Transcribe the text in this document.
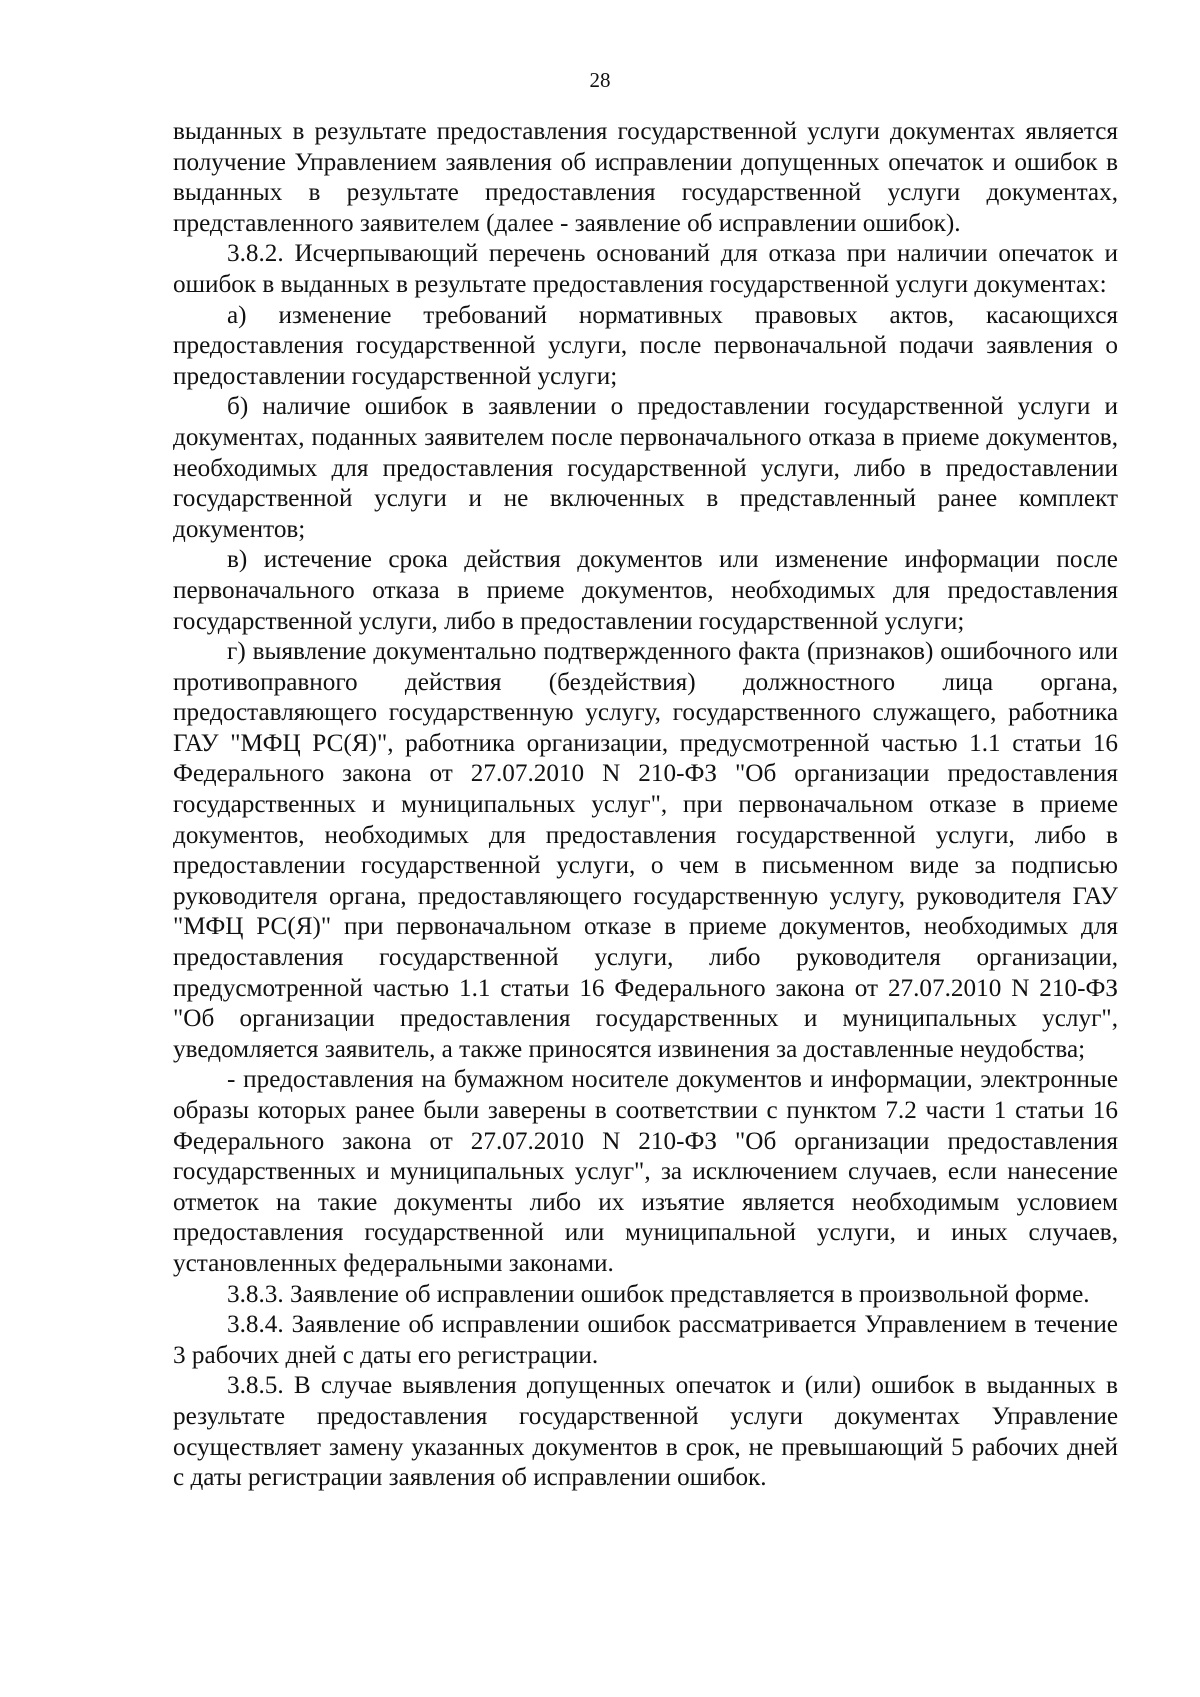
28

выданных в результате предоставления государственной услуги документах является получение Управлением заявления об исправлении допущенных опечаток и ошибок в выданных в результате предоставления государственной услуги документах, представленного заявителем (далее - заявление об исправлении ошибок).

3.8.2. Исчерпывающий перечень оснований для отказа при наличии опечаток и ошибок в выданных в результате предоставления государственной услуги документах:

а) изменение требований нормативных правовых актов, касающихся предоставления государственной услуги, после первоначальной подачи заявления о предоставлении государственной услуги;

б) наличие ошибок в заявлении о предоставлении государственной услуги и документах, поданных заявителем после первоначального отказа в приеме документов, необходимых для предоставления государственной услуги, либо в предоставлении государственной услуги и не включенных в представленный ранее комплект документов;

в) истечение срока действия документов или изменение информации после первоначального отказа в приеме документов, необходимых для предоставления государственной услуги, либо в предоставлении государственной услуги;

г) выявление документально подтвержденного факта (признаков) ошибочного или противоправного действия (бездействия) должностного лица органа, предоставляющего государственную услугу, государственного служащего, работника ГАУ "МФЦ РС(Я)", работника организации, предусмотренной частью 1.1 статьи 16 Федерального закона от 27.07.2010 N 210-ФЗ "Об организации предоставления государственных и муниципальных услуг", при первоначальном отказе в приеме документов, необходимых для предоставления государственной услуги, либо в предоставлении государственной услуги, о чем в письменном виде за подписью руководителя органа, предоставляющего государственную услугу, руководителя ГАУ "МФЦ РС(Я)" при первоначальном отказе в приеме документов, необходимых для предоставления государственной услуги, либо руководителя организации, предусмотренной частью 1.1 статьи 16 Федерального закона от 27.07.2010 N 210-ФЗ "Об организации предоставления государственных и муниципальных услуг", уведомляется заявитель, а также приносятся извинения за доставленные неудобства;

- предоставления на бумажном носителе документов и информации, электронные образы которых ранее были заверены в соответствии с пунктом 7.2 части 1 статьи 16 Федерального закона от 27.07.2010 N 210-ФЗ "Об организации предоставления государственных и муниципальных услуг", за исключением случаев, если нанесение отметок на такие документы либо их изъятие является необходимым условием предоставления государственной или муниципальной услуги, и иных случаев, установленных федеральными законами.

3.8.3. Заявление об исправлении ошибок представляется в произвольной форме.

3.8.4. Заявление об исправлении ошибок рассматривается Управлением в течение 3 рабочих дней с даты его регистрации.

3.8.5. В случае выявления допущенных опечаток и (или) ошибок в выданных в результате предоставления государственной услуги документах Управление осуществляет замену указанных документов в срок, не превышающий 5 рабочих дней с даты регистрации заявления об исправлении ошибок.
